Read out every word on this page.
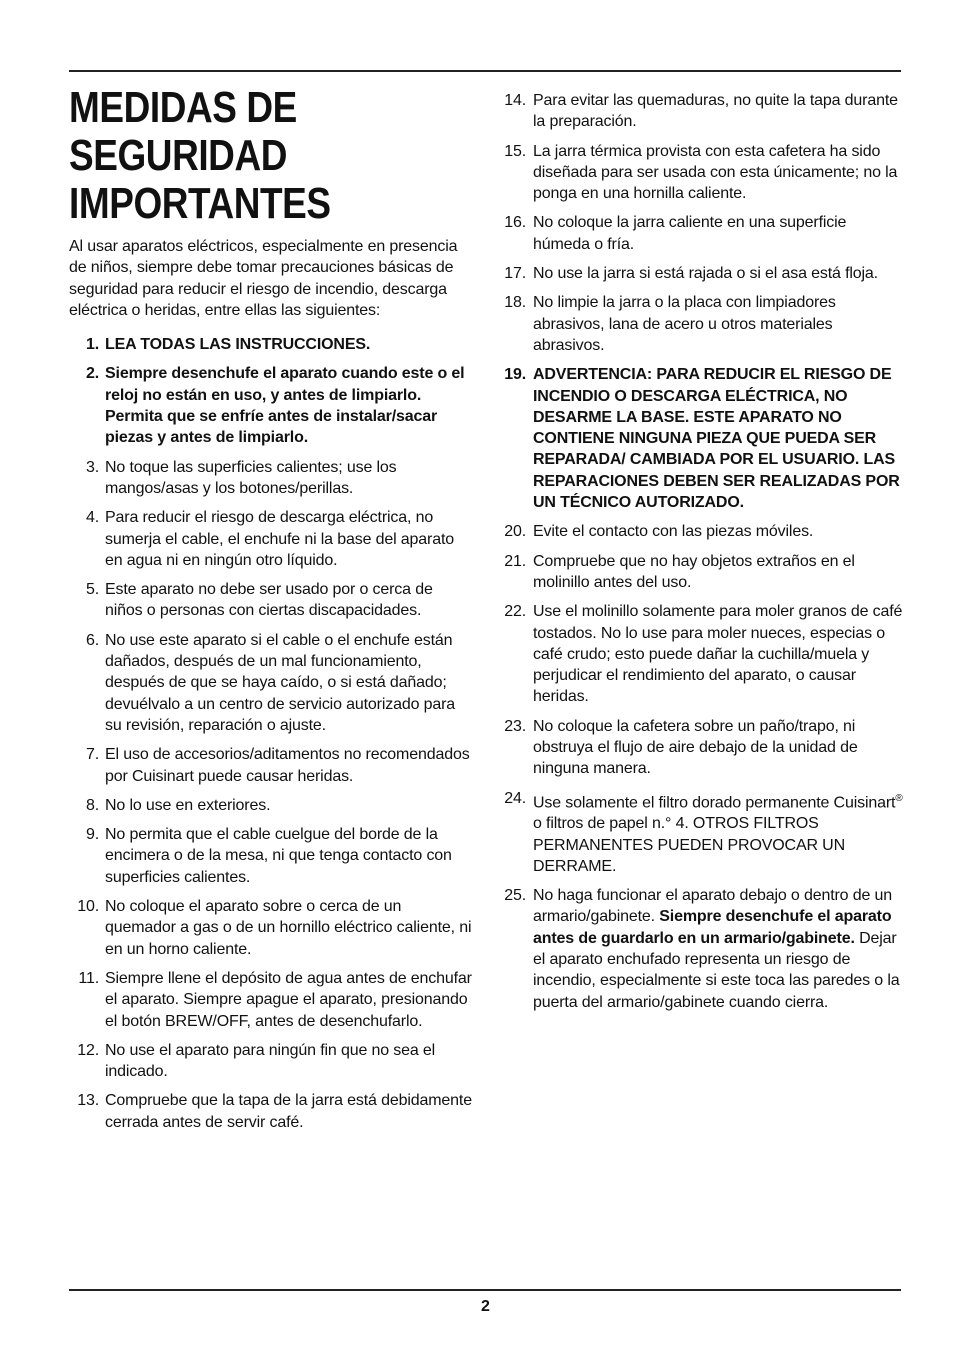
MEDIDAS DE
SEGURIDAD
IMPORTANTES

Al usar aparatos eléctricos, especialmente en presencia de niños, siempre debe tomar precauciones básicas de seguridad para reducir el riesgo de incendio, descarga eléctrica o heridas, entre ellas las siguientes:

1. LEA TODAS LAS INSTRUCCIONES.
2. Siempre desenchufe el aparato cuando este o el reloj no están en uso, y antes de limpiarlo. Permita que se enfríe antes de instalar/sacar piezas y antes de limpiarlo.
3. No toque las superficies calientes; use los mangos/asas y los botones/perillas.
4. Para reducir el riesgo de descarga eléctrica, no sumerja el cable, el enchufe ni la base del aparato en agua ni en ningún otro líquido.
5. Este aparato no debe ser usado por o cerca de niños o personas con ciertas discapacidades.
6. No use este aparato si el cable o el enchufe están dañados, después de un mal funcionamiento, después de que se haya caído, o si está dañado; devuélvalo a un centro de servicio autorizado para su revisión, reparación o ajuste.
7. El uso de accesorios/aditamentos no recomendados por Cuisinart puede causar heridas.
8. No lo use en exteriores.
9. No permita que el cable cuelgue del borde de la encimera o de la mesa, ni que tenga contacto con superficies calientes.
10. No coloque el aparato sobre o cerca de un quemador a gas o de un hornillo eléctrico caliente, ni en un horno caliente.
11. Siempre llene el depósito de agua antes de enchufar el aparato. Siempre apague el aparato, presionando el botón BREW/OFF, antes de desenchufarlo.
12. No use el aparato para ningún fin que no sea el indicado.
13. Compruebe que la tapa de la jarra está debidamente cerrada antes de servir café.
14. Para evitar las quemaduras, no quite la tapa durante la preparación.
15. La jarra térmica provista con esta cafetera ha sido diseñada para ser usada con esta únicamente; no la ponga en una hornilla caliente.
16. No coloque la jarra caliente en una superficie húmeda o fría.
17. No use la jarra si está rajada o si el asa está floja.
18. No limpie la jarra o la placa con limpiadores abrasivos, lana de acero u otros materiales abrasivos.
19. ADVERTENCIA: PARA REDUCIR EL RIESGO DE INCENDIO O DESCARGA ELÉCTRICA, NO DESARME LA BASE. ESTE APARATO NO CONTIENE NINGUNA PIEZA QUE PUEDA SER REPARADA/ CAMBIADA POR EL USUARIO. LAS REPARACIONES DEBEN SER REALIZADAS POR UN TÉCNICO AUTORIZADO.
20. Evite el contacto con las piezas móviles.
21. Compruebe que no hay objetos extraños en el molinillo antes del uso.
22. Use el molinillo solamente para moler granos de café tostados. No lo use para moler nueces, especias o café crudo; esto puede dañar la cuchilla/muela y perjudicar el rendimiento del aparato, o causar heridas.
23. No coloque la cafetera sobre un paño/trapo, ni obstruya el flujo de aire debajo de la unidad de ninguna manera.
24. Use solamente el filtro dorado permanente Cuisinart® o filtros de papel n.° 4. OTROS FILTROS PERMANENTES PUEDEN PROVOCAR UN DERRAME.
25. No haga funcionar el aparato debajo o dentro de un armario/gabinete. Siempre desenchufe el aparato antes de guardarlo en un armario/gabinete. Dejar el aparato enchufado representa un riesgo de incendio, especialmente si este toca las paredes o la puerta del armario/gabinete cuando cierra.
2
